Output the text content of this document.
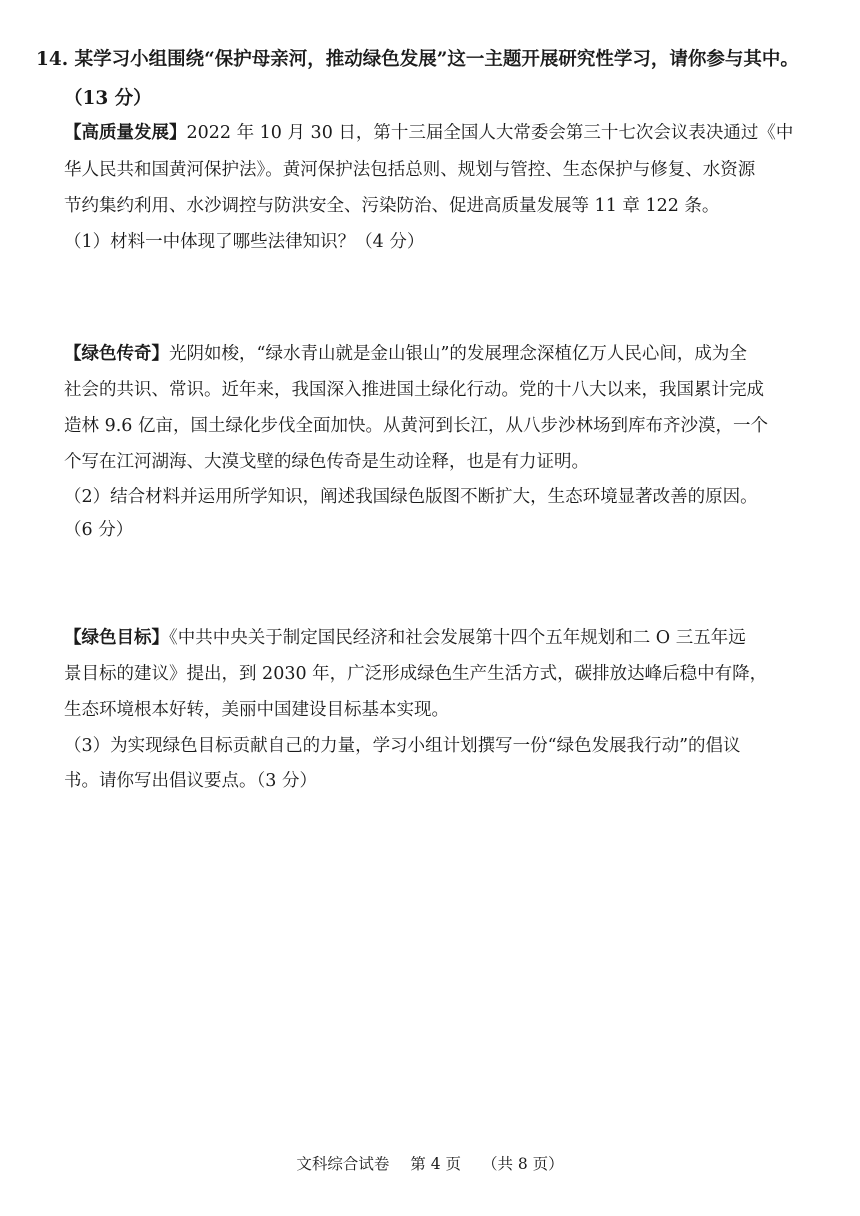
14. 某学习小组围绕“保护母亲河，推动绿色发展”这一主题开展研究性学习，请你参与其中。
（13 分）
【高质量发展】2022 年 10 月 30 日，第十三届全国人大常委会第三十七次会议表决通过《中
华人民共和国黄河保护法》。黄河保护法包括总则、规划与管控、生态保护与修复、水资源
节约集约利用、水沙调控与防洪安全、污染防治、促进高质量发展等 11 章 122 条。
（1）材料一中体现了哪些法律知识？（4 分）
【绿色传奇】光阴如梭，“绿水青山就是金山银山”的发展理念深植亿万人民心间，成为全
社会的共识、常识。近年来，我国深入推进国土绿化行动。党的十八大以来，我国累计完成
造林 9.6 亿亩，国土绿化步伐全面加快。从黄河到长江，从八步沙林场到库布齐沙漠，一个
个写在江河湖海、大漠戈壁的绿色传奇是生动诠释，也是有力证明。
（2）结合材料并运用所学知识，阐述我国绿色版图不断扩大，生态环境显著改善的原因。
（6 分）
【绿色目标】《中共中央关于制定国民经济和社会发展第十四个五年规划和二 O 三五年远
景目标的建议》提出，到 2030 年，广泛形成绿色生产生活方式，碳排放达峰后稳中有降，
生态环境根本好转，美丽中国建设目标基本实现。
（3）为实现绿色目标贡献自己的力量，学习小组计划撰写一份“绿色发展我行动”的倡议
书。请你写出倡议要点。（3 分）
文科综合试卷 第 4 页 （共 8 页）
